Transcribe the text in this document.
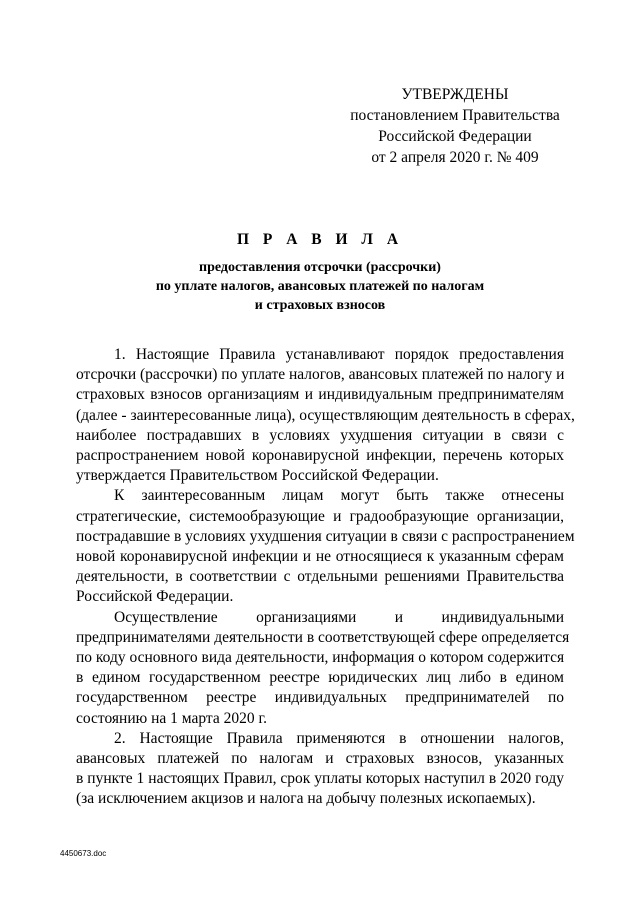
УТВЕРЖДЕНЫ
постановлением Правительства
Российской Федерации
от 2 апреля 2020 г. № 409
П Р А В И Л А
предоставления отсрочки (рассрочки)
по уплате налогов, авансовых платежей по налогам
и страховых взносов
1. Настоящие Правила устанавливают порядок предоставления
отсрочки (рассрочки) по уплате налогов, авансовых платежей по налогу и
страховых взносов организациям и индивидуальным предпринимателям
(далее - заинтересованные лица), осуществляющим деятельность в сферах,
наиболее пострадавших в условиях ухудшения ситуации в связи с
распространением новой коронавирусной инфекции, перечень которых
утверждается Правительством Российской Федерации.
К заинтересованным лицам могут быть также отнесены
стратегические, системообразующие и градообразующие организации,
пострадавшие в условиях ухудшения ситуации в связи с распространением
новой коронавирусной инфекции и не относящиеся к указанным сферам
деятельности, в соответствии с отдельными решениями Правительства
Российской Федерации.
Осуществление организациями и индивидуальными
предпринимателями деятельности в соответствующей сфере определяется
по коду основного вида деятельности, информация о котором содержится
в едином государственном реестре юридических лиц либо в едином
государственном реестре индивидуальных предпринимателей по
состоянию на 1 марта 2020 г.
2. Настоящие Правила применяются в отношении налогов,
авансовых платежей по налогам и страховых взносов, указанных
в пункте 1 настоящих Правил, срок уплаты которых наступил в 2020 году
(за исключением акцизов и налога на добычу полезных ископаемых).
4450673.doc
